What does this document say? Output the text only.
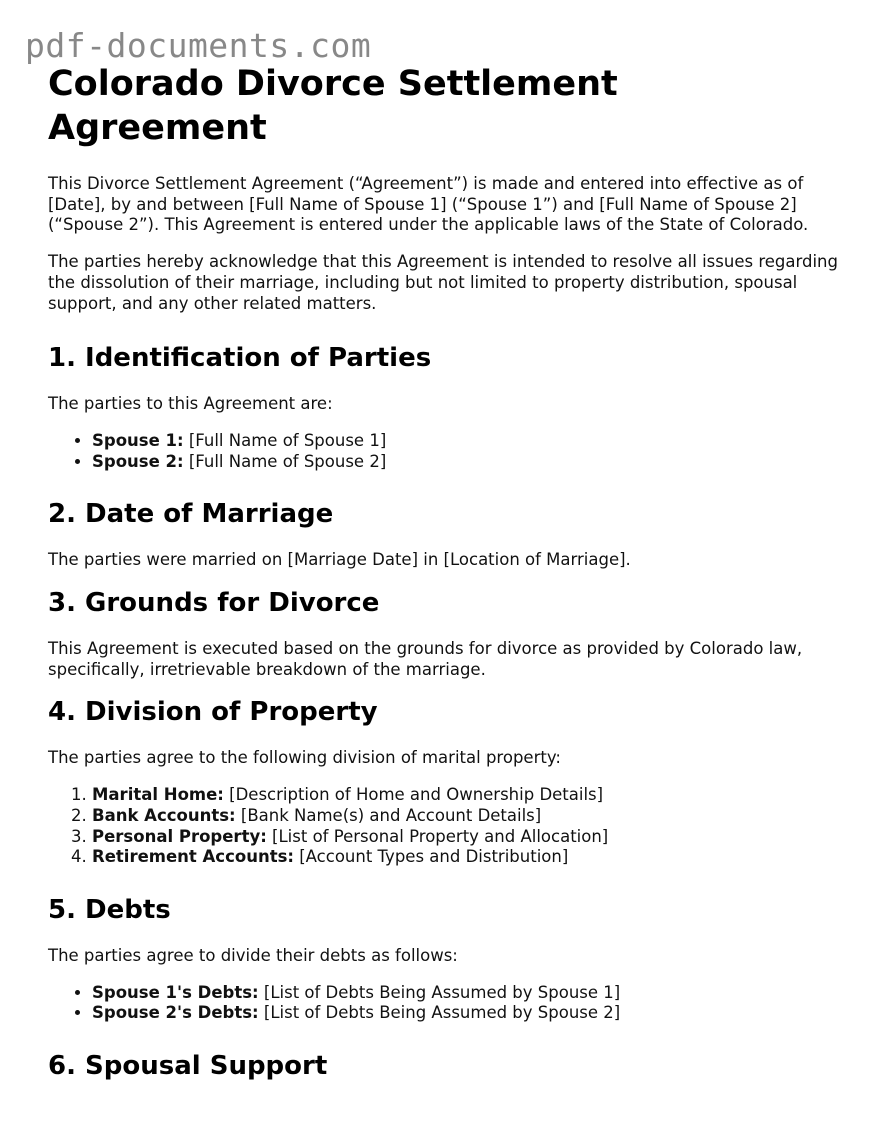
pdf-documents.com
Colorado Divorce Settlement Agreement

This Divorce Settlement Agreement (“Agreement”) is made and entered into effective as of [Date], by and between [Full Name of Spouse 1] (“Spouse 1”) and [Full Name of Spouse 2] (“Spouse 2”). This Agreement is entered under the applicable laws of the State of Colorado.

The parties hereby acknowledge that this Agreement is intended to resolve all issues regarding the dissolution of their marriage, including but not limited to property distribution, spousal support, and any other related matters.

1. Identification of Parties

The parties to this Agreement are:

• Spouse 1: [Full Name of Spouse 1]
• Spouse 2: [Full Name of Spouse 2]
2. Date of Marriage

The parties were married on [Marriage Date] in [Location of Marriage].

3. Grounds for Divorce

This Agreement is executed based on the grounds for divorce as provided by Colorado law, specifically, irretrievable breakdown of the marriage.

4. Division of Property

The parties agree to the following division of marital property:

1. Marital Home: [Description of Home and Ownership Details]
2. Bank Accounts: [Bank Name(s) and Account Details]
3. Personal Property: [List of Personal Property and Allocation]
4. Retirement Accounts: [Account Types and Distribution]
5. Debts

The parties agree to divide their debts as follows:

• Spouse 1's Debts: [List of Debts Being Assumed by Spouse 1]
• Spouse 2's Debts: [List of Debts Being Assumed by Spouse 2]
6. Spousal Support
